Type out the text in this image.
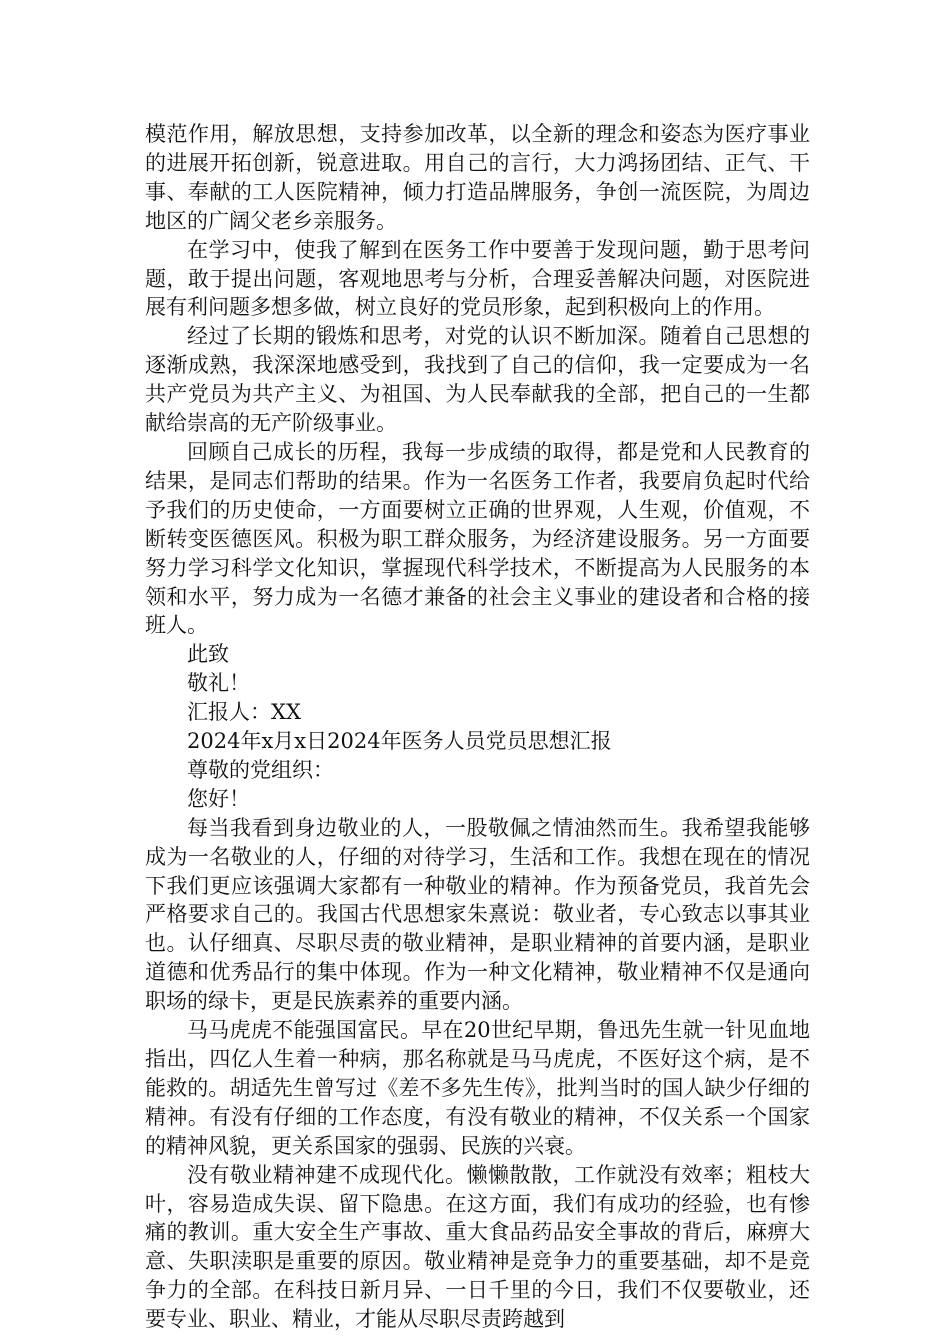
模范作用，解放思想，支持参加改革，以全新的理念和姿态为医疗事业的进展开拓创新，锐意进取。用自己的言行，大力鸿扬团结、正气、干事、奉献的工人医院精神，倾力打造品牌服务，争创一流医院，为周边地区的广阔父老乡亲服务。

在学习中，使我了解到在医务工作中要善于发现问题，勤于思考问题，敢于提出问题，客观地思考与分析，合理妥善解决问题，对医院进展有利问题多想多做，树立良好的党员形象，起到积极向上的作用。

经过了长期的锻炼和思考，对党的认识不断加深。随着自己思想的逐渐成熟，我深深地感受到，我找到了自己的信仰，我一定要成为一名共产党员为共产主义、为祖国、为人民奉献我的全部，把自己的一生都献给崇高的无产阶级事业。

回顾自己成长的历程，我每一步成绩的取得，都是党和人民教育的结果，是同志们帮助的结果。作为一名医务工作者，我要肩负起时代给予我们的历史使命，一方面要树立正确的世界观，人生观，价值观，不断转变医德医风。积极为职工群众服务，为经济建设服务。另一方面要努力学习科学文化知识，掌握现代科学技术，不断提高为人民服务的本领和水平，努力成为一名德才兼备的社会主义事业的建设者和合格的接班人。

此致

敬礼！

汇报人：XX

2024年x月x日2024年医务人员党员思想汇报

尊敬的党组织：

您好！

每当我看到身边敬业的人，一股敬佩之情油然而生。我希望我能够成为一名敬业的人，仔细的对待学习，生活和工作。我想在现在的情况下我们更应该强调大家都有一种敬业的精神。作为预备党员，我首先会严格要求自己的。我国古代思想家朱熹说：敬业者，专心致志以事其业也。认仔细真、尽职尽责的敬业精神，是职业精神的首要内涵，是职业道德和优秀品行的集中体现。作为一种文化精神，敬业精神不仅是通向职场的绿卡，更是民族素养的重要内涵。

马马虎虎不能强国富民。早在20世纪早期，鲁迅先生就一针见血地指出，四亿人生着一种病，那名称就是马马虎虎，不医好这个病，是不能救的。胡适先生曾写过《差不多先生传》，批判当时的国人缺少仔细的精神。有没有仔细的工作态度，有没有敬业的精神，不仅关系一个国家的精神风貌，更关系国家的强弱、民族的兴衰。

没有敬业精神建不成现代化。懒懒散散，工作就没有效率；粗枝大叶，容易造成失误、留下隐患。在这方面，我们有成功的经验，也有惨痛的教训。重大安全生产事故、重大食品药品安全事故的背后，麻痹大意、失职渎职是重要的原因。敬业精神是竞争力的重要基础，却不是竞争力的全部。在科技日新月异、一日千里的今日，我们不仅要敬业，还要专业、职业、精业，才能从尽职尽责跨越到
